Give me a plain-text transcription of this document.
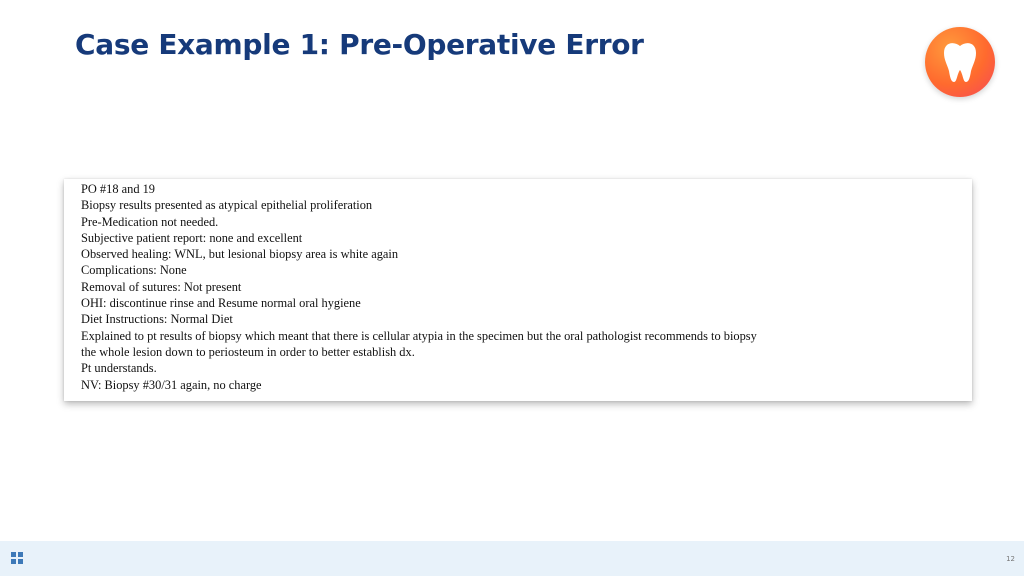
Case Example 1: Pre-Operative Error
PO #18 and 19
Biopsy results presented as atypical epithelial proliferation
Pre-Medication not needed.
Subjective patient report: none and excellent
Observed healing: WNL, but lesional biopsy area is white again
Complications: None
Removal of sutures: Not present
OHI: discontinue rinse and Resume normal oral hygiene
Diet Instructions: Normal Diet
Explained to pt results of biopsy which meant that there is cellular atypia in the specimen but the oral pathologist recommends to biopsy
the whole lesion down to periosteum in order to better establish dx.
Pt understands.
NV: Biopsy #30/31 again, no charge
12
